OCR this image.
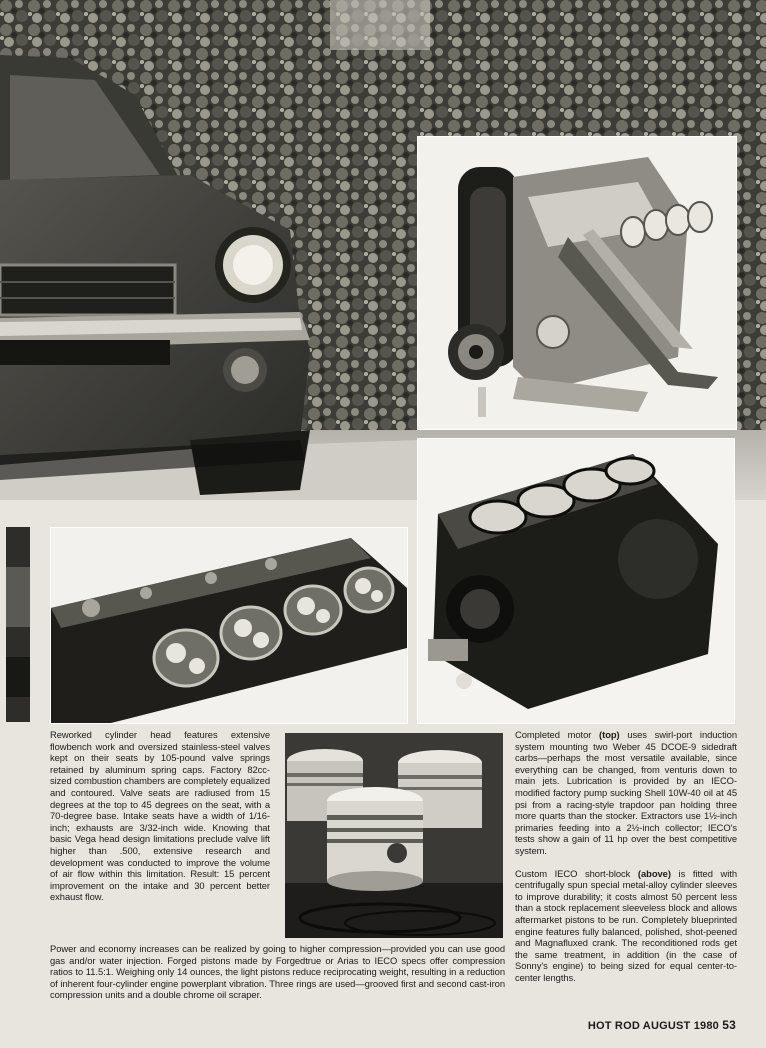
Reworked cylinder head features extensive flowbench work and oversized stainless-steel valves kept on their seats by 105-pound valve springs retained by aluminum spring caps. Factory 82cc-sized combustion chambers are completely equalized and contoured. Valve seats are radiused from 15 degrees at the top to 45 degrees on the seat, with a 70-degree base. Intake seats have a width of 1/16-inch; exhausts are 3/32-inch wide. Knowing that basic Vega head design limitations preclude valve lift higher than .500, extensive research and development was conducted to improve the volume of air flow within this limitation. Result: 15 percent improvement on the intake and 30 percent better exhaust flow.

Power and economy increases can be realized by going to higher compression—provided you can use good gas and/or water injection. Forged pistons made by Forgedtrue or Arias to IECO specs offer compression ratios to 11.5:1. Weighing only 14 ounces, the light pistons reduce reciprocating weight, resulting in a reduction of inherent four-cylinder engine powerplant vibration. Three rings are used—grooved first and second cast-iron compression units and a double chrome oil scraper.

Completed motor (top) uses swirl-port induction system mounting two Weber 45 DCOE-9 sidedraft carbs—perhaps the most versatile available, since everything can be changed, from venturis down to main jets. Lubrication is provided by an IECO-modified factory pump sucking Shell 10W-40 oil at 45 psi from a racing-style trapdoor pan holding three more quarts than the stocker. Extractors use 1½-inch primaries feeding into a 2½-inch collector; IECO's tests show a gain of 11 hp over the best competitive system.

Custom IECO short-block (above) is fitted with centrifugally spun special metal-alloy cylinder sleeves to improve durability; it costs almost 50 percent less than a stock replacement sleeveless block and allows aftermarket pistons to be run. Completely blueprinted engine features fully balanced, polished, shot-peened and Magnafluxed crank. The reconditioned rods get the same treatment, in addition (in the case of Sonny's engine) to being sized for equal center-to-center lengths.

HOT ROD AUGUST 1980 53
